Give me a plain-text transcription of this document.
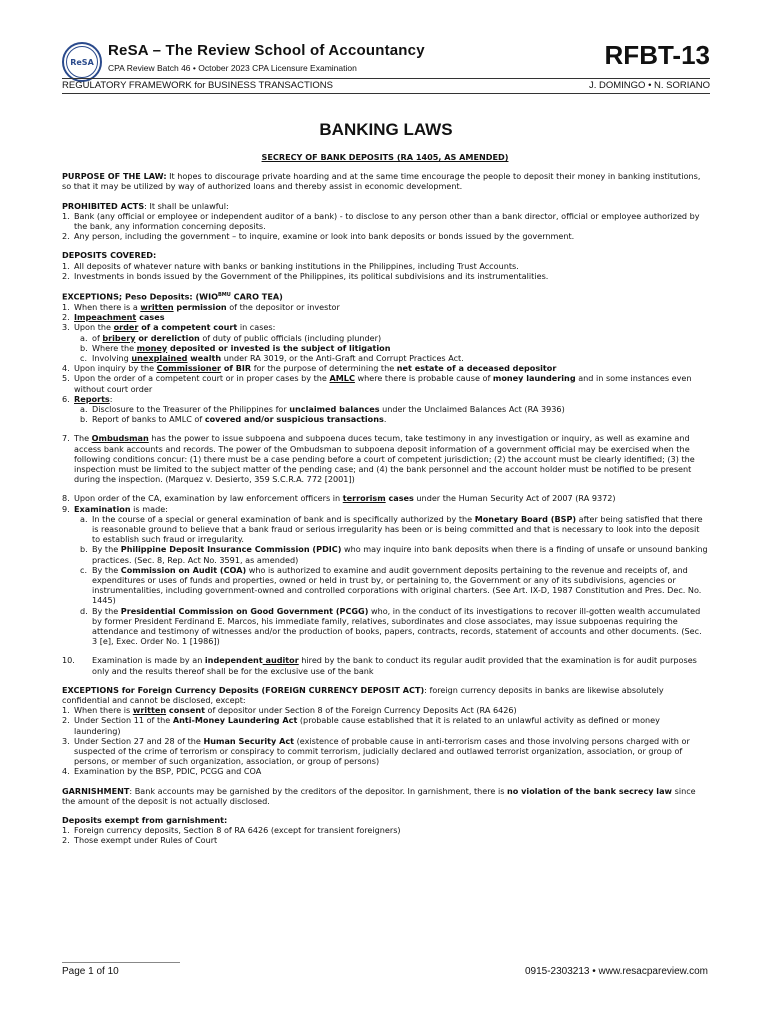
ReSA
ReSA – The Review School of Accountancy
CPA Review Batch 46 • October 2023 CPA Licensure Examination	RFBT-13
REGULATORY FRAMEWORK for BUSINESS TRANSACTIONS	J. DOMINGO • N. SORIANO
BANKING LAWS
SECRECY OF BANK DEPOSITS (RA 1405, AS AMENDED)

PURPOSE OF THE LAW: It hopes to discourage private hoarding and at the same time encourage the people to deposit their money in banking institutions, so that it may be utilized by way of authorized loans and thereby assist in economic development.

PROHIBITED ACTS: It shall be unlawful:
1. Bank (any official or employee or independent auditor of a bank) - to disclose to any person other than a bank director, official or employee authorized by the bank, any information concerning deposits.
2. Any person, including the government – to inquire, examine or look into bank deposits or bonds issued by the government.
DEPOSITS COVERED:
1. All deposits of whatever nature with banks or banking institutions in the Philippines, including Trust Accounts.
2. Investments in bonds issued by the Government of the Philippines, its political subdivisions and its instrumentalities.
EXCEPTIONS; Peso Deposits: ($WIO^{BMU}$ CARO TEA)
1. When there is a written permission of the depositor or investor
2. Impeachment cases
3. Upon the order of a competent court in cases:
a. of bribery or dereliction of duty of public officials (including plunder)
b. Where the money deposited or invested is the subject of litigation
c. Involving unexplained wealth under RA 3019, or the Anti-Graft and Corrupt Practices Act.
4. Upon inquiry by the Commissioner of BIR for the purpose of determining the net estate of a deceased depositor
5. Upon the order of a competent court or in proper cases by the AMLC where there is probable cause of money laundering and in some instances even without court order
6. Reports:
a. Disclosure to the Treasurer of the Philippines for unclaimed balances under the Unclaimed Balances Act (RA 3936)
b. Report of banks to AMLC of covered and/or suspicious transactions.
7. The Ombudsman has the power to issue subpoena and subpoena duces tecum, take testimony in any investigation or inquiry, as well as examine and access bank accounts and records. The power of the Ombudsman to subpoena deposit information of a government official may be exercised when the following conditions concur: (1) there must be a case pending before a court of competent jurisdiction; (2) the account must be clearly identified; (3) the inspection must be limited to the subject matter of the pending case; and (4) the bank personnel and the account holder must be notified to be present during the inspection. (Marquez v. Desierto, 359 S.C.R.A. 772 [2001])
8. Upon order of the CA, examination by law enforcement officers in terrorism cases under the Human Security Act of 2007 (RA 9372)
9. Examination is made:
a. In the course of a special or general examination of bank and is specifically authorized by the Monetary Board (BSP) after being satisfied that there is reasonable ground to believe that a bank fraud or serious irregularity has been or is being committed and that is necessary to look into the deposit to establish such fraud or irregularity.
b. By the Philippine Deposit Insurance Commission (PDIC) who may inquire into bank deposits when there is a finding of unsafe or unsound banking practices. (Sec. 8, Rep. Act No. 3591, as amended)
c. By the Commission on Audit (COA) who is authorized to examine and audit government deposits pertaining to the revenue and receipts of, and expenditures or uses of funds and properties, owned or held in trust by, or pertaining to, the Government or any of its subdivisions, agencies or instrumentalities, including government-owned and controlled corporations with original charters. (See Art. IX-D, 1987 Constitution and Pres. Dec. No. 1445)
d. By the Presidential Commission on Good Government (PCGG) who, in the conduct of its investigations to recover ill-gotten wealth accumulated by former President Ferdinand E. Marcos, his immediate family, relatives, subordinates and close associates, may issue subpoenas requiring the attendance and testimony of witnesses and/or the production of books, papers, contracts, records, statement of accounts and other documents. (Sec. 3 [e], Exec. Order No. 1 [1986])
10. Examination is made by an independent auditor hired by the bank to conduct its regular audit provided that the examination is for audit purposes only and the results thereof shall be for the exclusive use of the bank
EXCEPTIONS for Foreign Currency Deposits (FOREIGN CURRENCY DEPOSIT ACT): foreign currency deposits in banks are likewise absolutely confidential and cannot be disclosed, except:
1. When there is written consent of depositor under Section 8 of the Foreign Currency Deposits Act (RA 6426)
2. Under Section 11 of the Anti-Money Laundering Act (probable cause established that it is related to an unlawful activity as defined or money laundering)
3. Under Section 27 and 28 of the Human Security Act (existence of probable cause in anti-terrorism cases and those involving persons charged with or suspected of the crime of terrorism or conspiracy to commit terrorism, judicially declared and outlawed terrorist organization, association, or group of persons, or member of such organization, association, or group of persons)
4. Examination by the BSP, PDIC, PCGG and COA
GARNISHMENT: Bank accounts may be garnished by the creditors of the depositor. In garnishment, there is no violation of the bank secrecy law since the amount of the deposit is not actually disclosed.
Deposits exempt from garnishment:
1. Foreign currency deposits, Section 8 of RA 6426 (except for transient foreigners)
2. Those exempt under Rules of Court
Page 1 of 10	0915-2303213 • www.resacpareview.com
